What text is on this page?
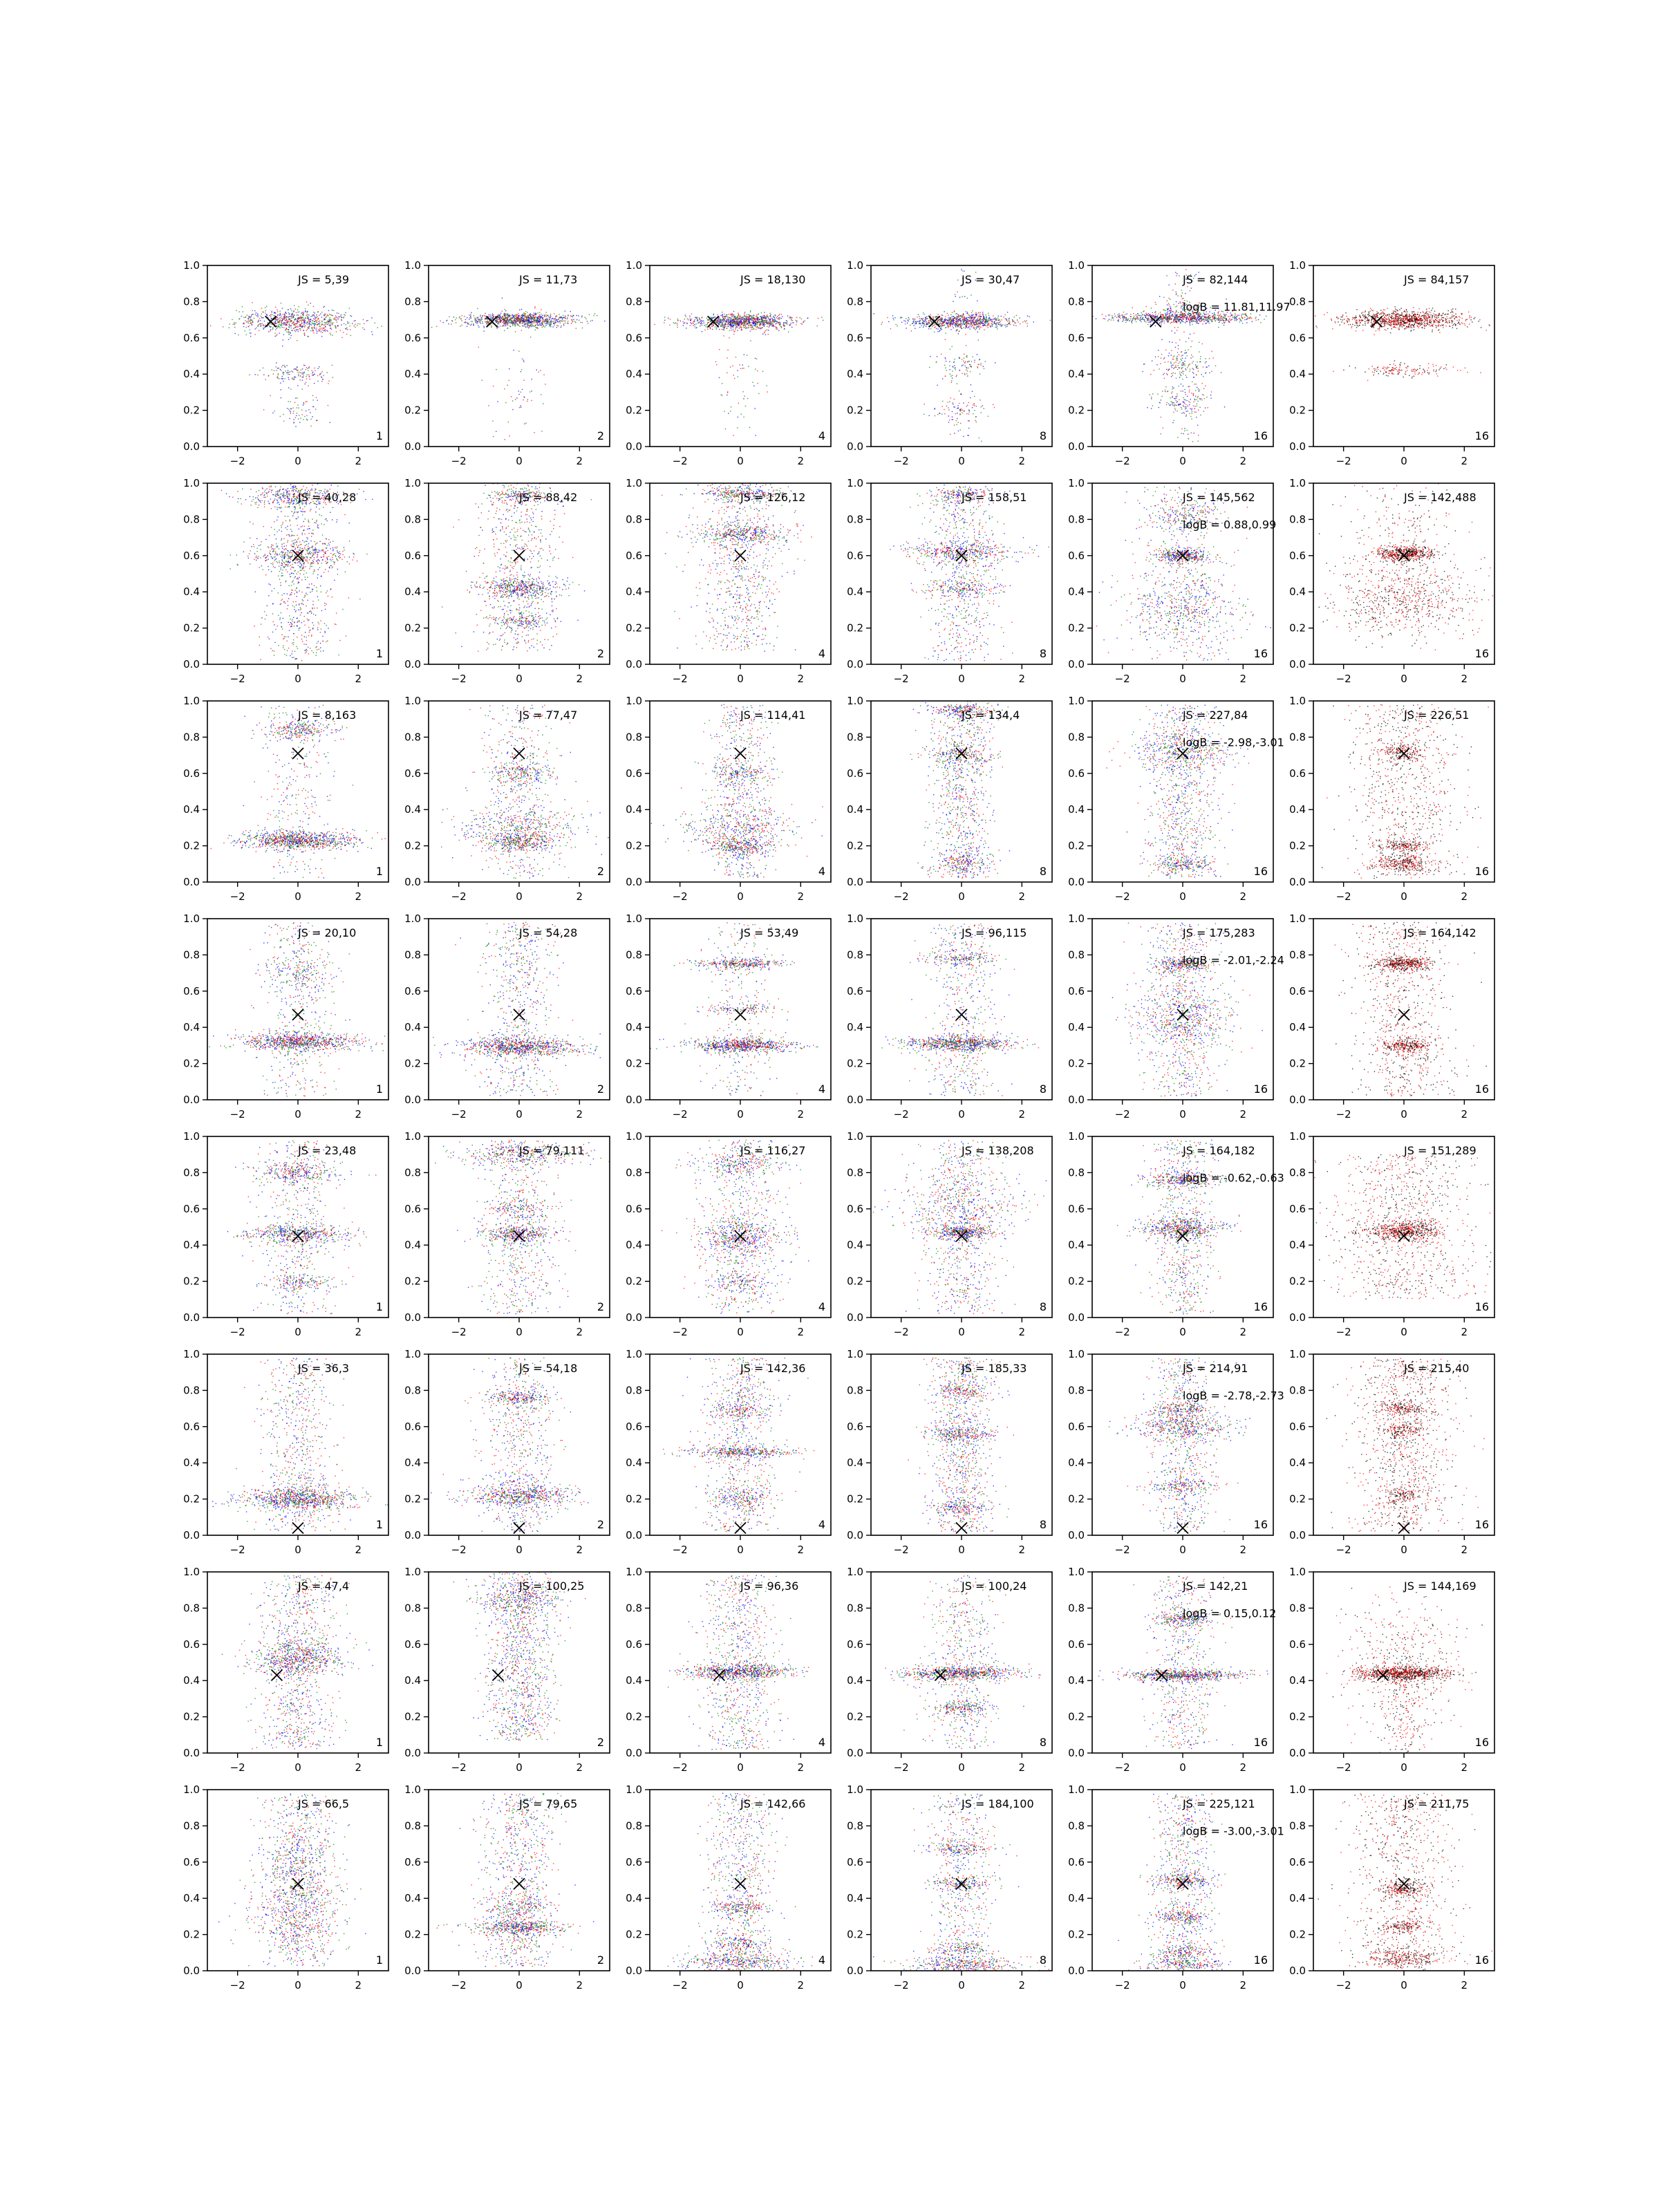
−2	0	2
0.0
0.2
0.4
0.6
0.8
1.0
JS = 5,39
1
−2	0	2
0.0
0.2
0.4
0.6
0.8
1.0
JS = 11,73
2
−2	0	2
0.0
0.2
0.4
0.6
0.8
1.0
JS = 18,130
4
−2	0	2
0.0
0.2
0.4
0.6
0.8
1.0
JS = 30,47
8
−2	0	2
0.0
0.2
0.4
0.6
0.8
1.0
JS = 82,144
logB = 11.81,11.97
16
−2	0	2
0.0
0.2
0.4
0.6
0.8
1.0
JS = 84,157
16
−2	0	2
0.0
0.2
0.4
0.6
0.8
1.0
JS = 40,28
1
−2	0	2
0.0
0.2
0.4
0.6
0.8
1.0
JS = 88,42
2
−2	0	2
0.0
0.2
0.4
0.6
0.8
1.0
JS = 126,12
4
−2	0	2
0.0
0.2
0.4
0.6
0.8
1.0
JS = 158,51
8
−2	0	2
0.0
0.2
0.4
0.6
0.8
1.0
JS = 145,562
logB = 0.88,0.99
16
−2	0	2
0.0
0.2
0.4
0.6
0.8
1.0
JS = 142,488
16
−2	0	2
0.0
0.2
0.4
0.6
0.8
1.0
JS = 8,163
1
−2	0	2
0.0
0.2
0.4
0.6
0.8
1.0
JS = 77,47
2
−2	0	2
0.0
0.2
0.4
0.6
0.8
1.0
JS = 114,41
4
−2	0	2
0.0
0.2
0.4
0.6
0.8
1.0
JS = 134,4
8
−2	0	2
0.0
0.2
0.4
0.6
0.8
1.0
JS = 227,84
logB = -2.98,-3.01
16
−2	0	2
0.0
0.2
0.4
0.6
0.8
1.0
JS = 226,51
16
−2	0	2
0.0
0.2
0.4
0.6
0.8
1.0
JS = 20,10
1
−2	0	2
0.0
0.2
0.4
0.6
0.8
1.0
JS = 54,28
2
−2	0	2
0.0
0.2
0.4
0.6
0.8
1.0
JS = 53,49
4
−2	0	2
0.0
0.2
0.4
0.6
0.8
1.0
JS = 96,115
8
−2	0	2
0.0
0.2
0.4
0.6
0.8
1.0
JS = 175,283
logB = -2.01,-2.24
16
−2	0	2
0.0
0.2
0.4
0.6
0.8
1.0
JS = 164,142
16
−2	0	2
0.0
0.2
0.4
0.6
0.8
1.0
JS = 23,48
1
−2	0	2
0.0
0.2
0.4
0.6
0.8
1.0
JS = 79,111
2
−2	0	2
0.0
0.2
0.4
0.6
0.8
1.0
JS = 116,27
4
−2	0	2
0.0
0.2
0.4
0.6
0.8
1.0
JS = 138,208
8
−2	0	2
0.0
0.2
0.4
0.6
0.8
1.0
JS = 164,182
logB = -0.62,-0.63
16
−2	0	2
0.0
0.2
0.4
0.6
0.8
1.0
JS = 151,289
16
−2	0	2
0.0
0.2
0.4
0.6
0.8
1.0
JS = 36,3
1
−2	0	2
0.0
0.2
0.4
0.6
0.8
1.0
JS = 54,18
2
−2	0	2
0.0
0.2
0.4
0.6
0.8
1.0
JS = 142,36
4
−2	0	2
0.0
0.2
0.4
0.6
0.8
1.0
JS = 185,33
8
−2	0	2
0.0
0.2
0.4
0.6
0.8
1.0
JS = 214,91
logB = -2.78,-2.73
16
−2	0	2
0.0
0.2
0.4
0.6
0.8
1.0
JS = 215,40
16
−2	0	2
0.0
0.2
0.4
0.6
0.8
1.0
JS = 47,4
1
−2	0	2
0.0
0.2
0.4
0.6
0.8
1.0
JS = 100,25
2
−2	0	2
0.0
0.2
0.4
0.6
0.8
1.0
JS = 96,36
4
−2	0	2
0.0
0.2
0.4
0.6
0.8
1.0
JS = 100,24
8
−2	0	2
0.0
0.2
0.4
0.6
0.8
1.0
JS = 142,21
logB = 0.15,0.12
16
−2	0	2
0.0
0.2
0.4
0.6
0.8
1.0
JS = 144,169
16
−2	0	2
0.0
0.2
0.4
0.6
0.8
1.0
JS = 66,5
1
−2	0	2
0.0
0.2
0.4
0.6
0.8
1.0
JS = 79,65
2
−2	0	2
0.0
0.2
0.4
0.6
0.8
1.0
JS = 142,66
4
−2	0	2
0.0
0.2
0.4
0.6
0.8
1.0
JS = 184,100
8
−2	0	2
0.0
0.2
0.4
0.6
0.8
1.0
JS = 225,121
logB = -3.00,-3.01
16
−2	0	2
0.0
0.2
0.4
0.6
0.8
1.0
JS = 211,75
16
